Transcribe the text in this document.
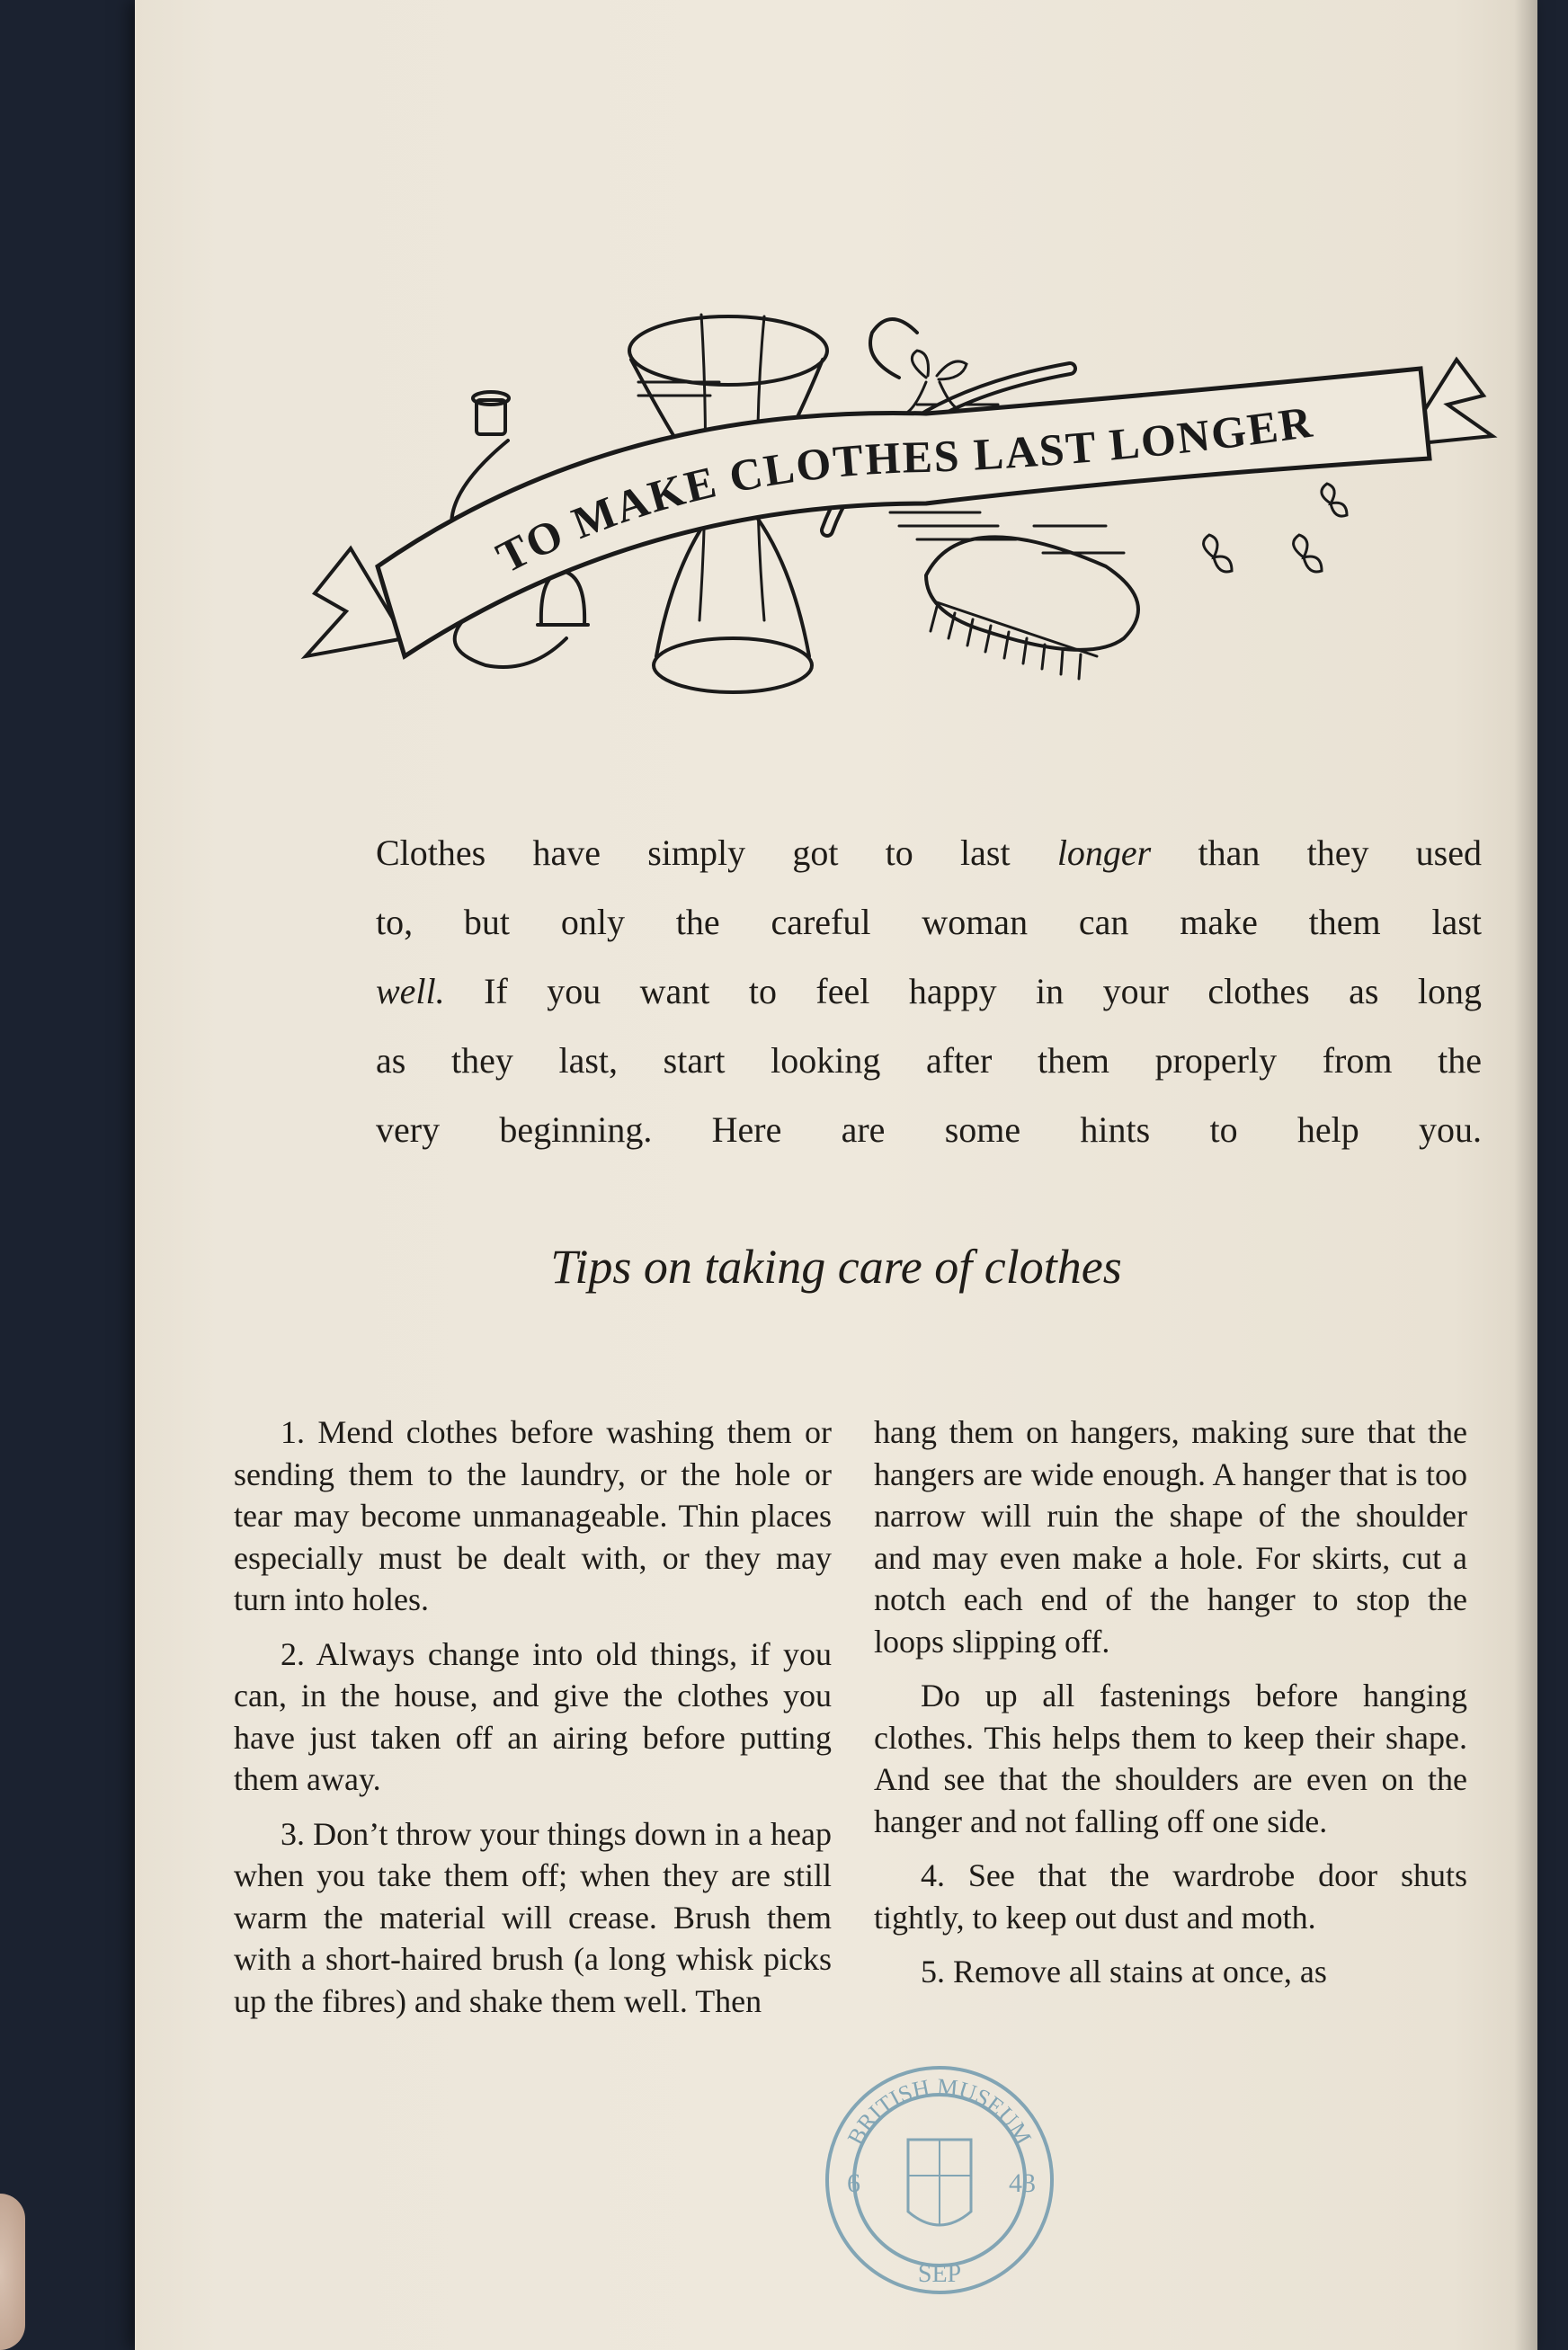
TO MAKE CLOTHES LAST LONGER
Clothes have simply got to last longer than they used
to, but only the careful woman can make them last
well. If you want to feel happy in your clothes as long
as they last, start looking after them properly from the
very beginning. Here are some hints to help you.
Tips on taking care of clothes

1. Mend clothes before washing them or sending them to the laundry, or the hole or tear may become unmanageable. Thin places especially must be dealt with, or they may turn into holes.

2. Always change into old things, if you can, in the house, and give the clothes you have just taken off an airing before putting them away.

3. Don’t throw your things down in a heap when you take them off; when they are still warm the material will crease. Brush them with a short-haired brush (a long whisk picks up the fibres) and shake them well. Then

hang them on hangers, making sure that the hangers are wide enough. A hanger that is too narrow will ruin the shape of the shoulder and may even make a hole. For skirts, cut a notch each end of the hanger to stop the loops slipping off.

Do up all fastenings before hanging clothes. This helps them to keep their shape. And see that the shoulders are even on the hanger and not falling off one side.

4. See that the wardrobe door shuts tightly, to keep out dust and moth.

5. Remove all stains at once, as

BRITISH MUSEUM
6	43
SEP
